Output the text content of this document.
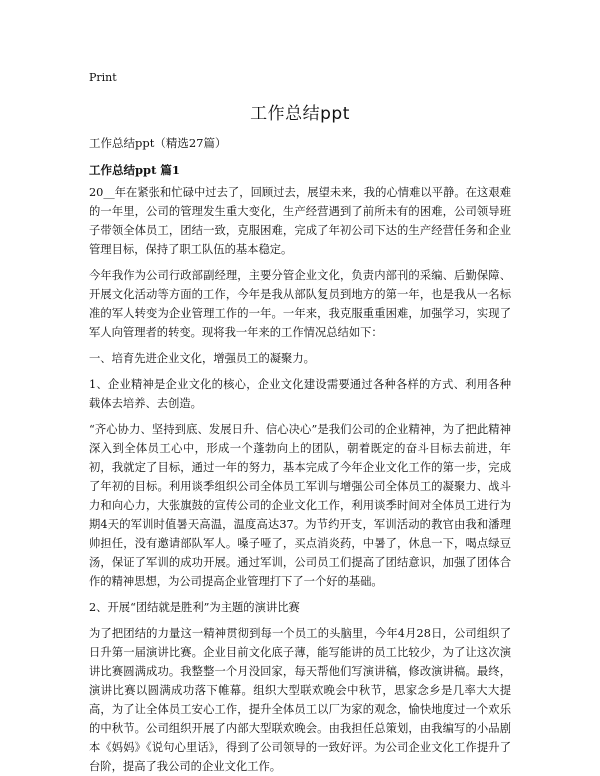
Print
工作总结ppt
工作总结ppt（精选27篇）
工作总结ppt 篇1

20__年在紧张和忙碌中过去了，回顾过去，展望未来，我的心情难以平静。在这艰难的一年里，公司的管理发生重大变化，生产经营遇到了前所未有的困难，公司领导班子带领全体员工，团结一致，克服困难，完成了年初公司下达的生产经营任务和企业管理目标，保持了职工队伍的基本稳定。

今年我作为公司行政部副经理，主要分管企业文化，负责内部刊的采编、后勤保障、开展文化活动等方面的工作，今年是我从部队复员到地方的第一年，也是我从一名标准的军人转变为企业管理工作的一年。一年来，我克服重重困难，加强学习，实现了军人向管理者的转变。现将我一年来的工作情况总结如下：

一、培育先进企业文化，增强员工的凝聚力。

1、企业精神是企业文化的核心，企业文化建设需要通过各种各样的方式、利用各种载体去培养、去创造。

“齐心协力、坚持到底、发展日升、信心决心”是我们公司的企业精神，为了把此精神深入到全体员工心中，形成一个蓬勃向上的团队，朝着既定的奋斗目标去前进，年初，我就定了目标，通过一年的努力，基本完成了今年企业文化工作的第一步，完成了年初的目标。利用谈季组织公司全体员工军训与增强公司全体员工的凝聚力、战斗力和向心力，大张旗鼓的宣传公司的企业文化工作，利用谈季时间对全体员工进行为期4天的军训时值暑天高温，温度高达37。为节约开支，军训活动的教官由我和潘理帅担任，没有邀请部队军人。嗓子哑了，买点消炎药，中暑了，休息一下，喝点绿豆汤，保证了军训的成功开展。通过军训，公司员工们提高了团结意识，加强了团体合作的精神思想，为公司提高企业管理打下了一个好的基础。

2、开展“团结就是胜利”为主题的演讲比赛

为了把团结的力量这一精神贯彻到每一个员工的头脑里，今年4月28日，公司组织了日升第一届演讲比赛。企业目前文化底子薄，能写能讲的员工比较少，为了让这次演讲比赛圆满成功。我整整一个月没回家，每天帮他们写演讲稿，修改演讲稿。最终，演讲比赛以圆满成功落下帷幕。组织大型联欢晚会中秋节，思家念乡是几率大大提高，为了让全体员工安心工作，提升全体员工以厂为家的观念，愉快地度过一个欢乐的中秋节。公司组织开展了内部大型联欢晚会。由我担任总策划，由我编写的小品剧本《妈妈》《说句心里话》，得到了公司领导的一致好评。为公司企业文化工作提升了台阶，提高了我公司的企业文化工作。
